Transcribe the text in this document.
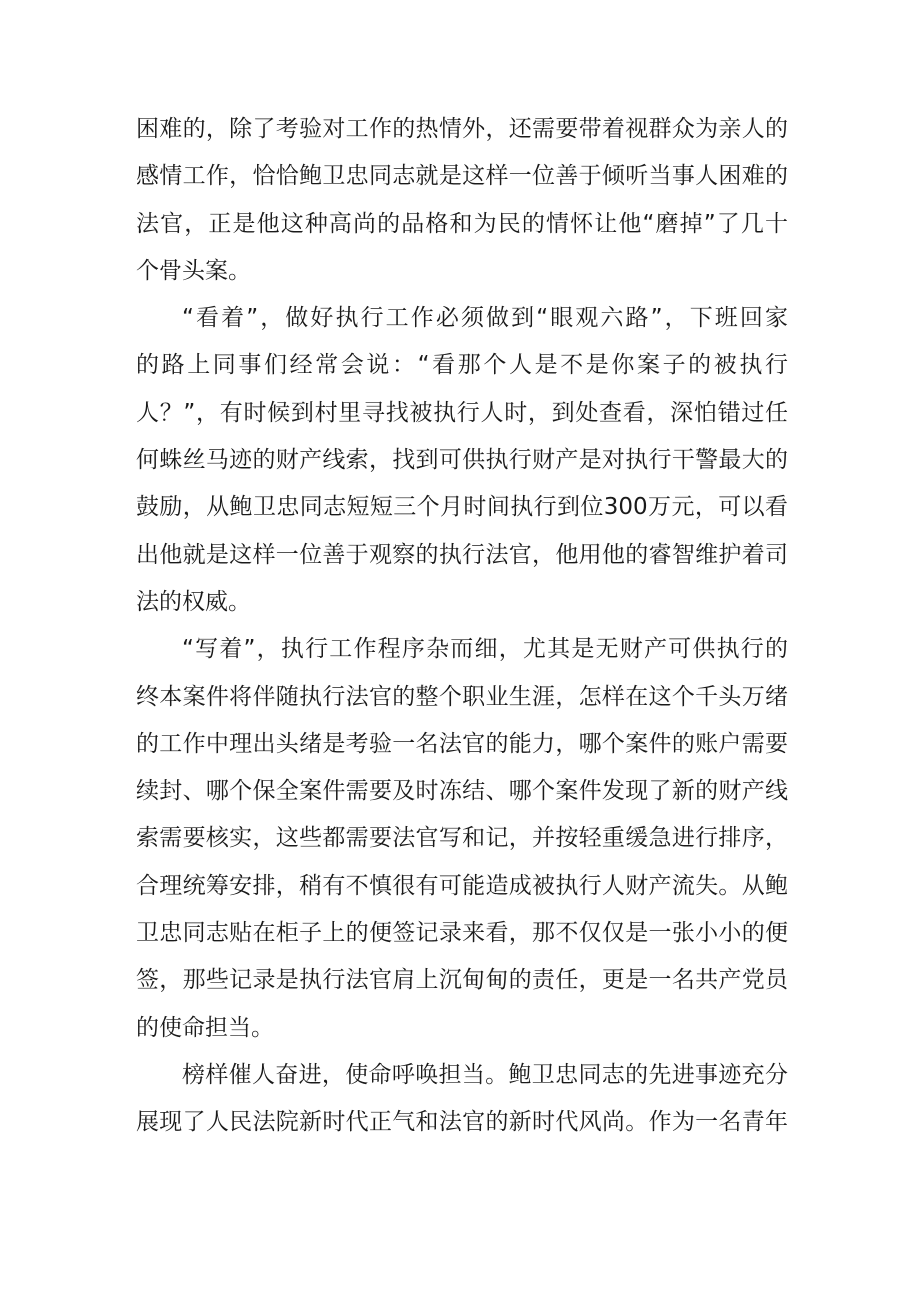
困难的，除了考验对工作的热情外，还需要带着视群众为亲人的
感情工作，恰恰鲍卫忠同志就是这样一位善于倾听当事人困难的
法官，正是他这种高尚的品格和为民的情怀让他“磨掉”了几十
个骨头案。
“看着”，做好执行工作必须做到“眼观六路”，下班回家
的路上同事们经常会说：“看那个人是不是你案子的被执行
人？”，有时候到村里寻找被执行人时，到处查看，深怕错过任
何蛛丝马迹的财产线索，找到可供执行财产是对执行干警最大的
鼓励，从鲍卫忠同志短短三个月时间执行到位300万元，可以看
出他就是这样一位善于观察的执行法官，他用他的睿智维护着司
法的权威。
“写着”，执行工作程序杂而细，尤其是无财产可供执行的
终本案件将伴随执行法官的整个职业生涯，怎样在这个千头万绪
的工作中理出头绪是考验一名法官的能力，哪个案件的账户需要
续封、哪个保全案件需要及时冻结、哪个案件发现了新的财产线
索需要核实，这些都需要法官写和记，并按轻重缓急进行排序，
合理统筹安排，稍有不慎很有可能造成被执行人财产流失。从鲍
卫忠同志贴在柜子上的便签记录来看，那不仅仅是一张小小的便
签，那些记录是执行法官肩上沉甸甸的责任，更是一名共产党员
的使命担当。
榜样催人奋进，使命呼唤担当。鲍卫忠同志的先进事迹充分
展现了人民法院新时代正气和法官的新时代风尚。作为一名青年
